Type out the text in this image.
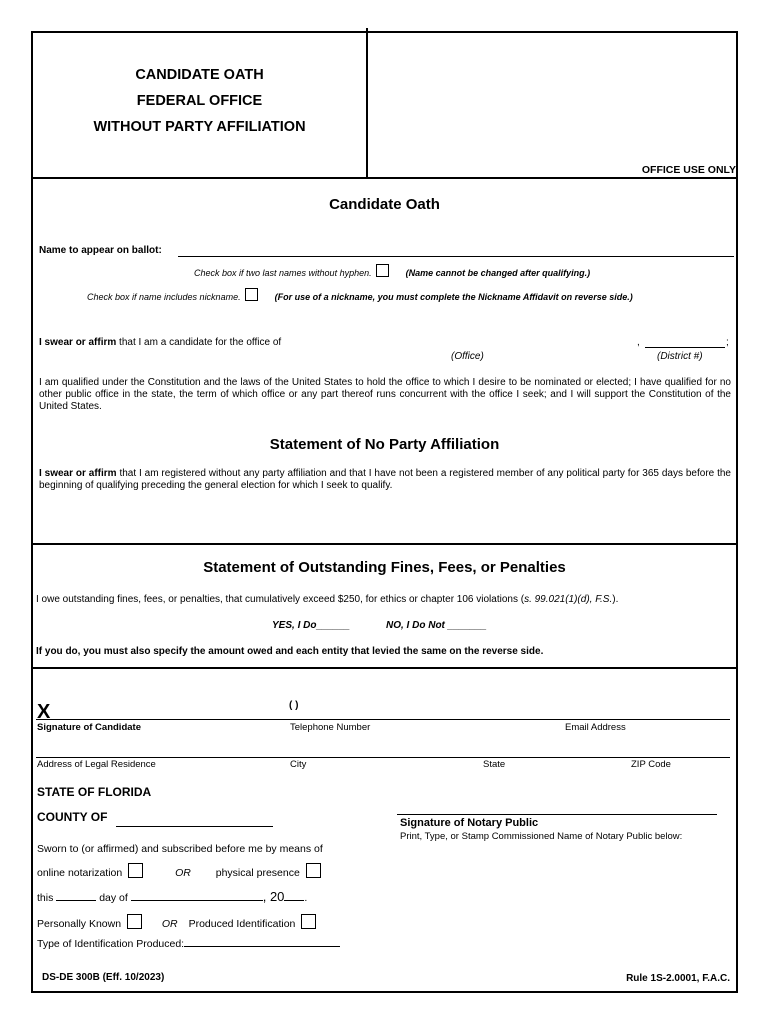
CANDIDATE OATH
FEDERAL OFFICE
WITHOUT PARTY AFFILIATION
OFFICE USE ONLY
Candidate Oath
Name to appear on ballot:
Check box if two last names without hyphen.	(Name cannot be changed after qualifying.)
Check box if name includes nickname.	(For use of a nickname, you must complete the Nickname Affidavit on reverse side.)
I swear or affirm that I am a candidate for the office of	,	;
(Office)	(District #)
I am qualified under the Constitution and the laws of the United States to hold the office to which I desire to be nominated or elected; I have qualified for no other public office in the state, the term of which office or any part thereof runs concurrent with the office I seek; and I will support the Constitution of the United States.
Statement of No Party Affiliation
I swear or affirm that I am registered without any party affiliation and that I have not been a registered member of any political party for 365 days before the beginning of qualifying preceding the general election for which I seek to qualify.
Statement of Outstanding Fines, Fees, or Penalties
I owe outstanding fines, fees, or penalties, that cumulatively exceed $250, for ethics or chapter 106 violations (s. 99.021(1)(d), F.S.).
YES, I Do______	NO, I Do Not _______
If you do, you must also specify the amount owed and each entity that levied the same on the reverse side.
X	( )
Signature of Candidate	Telephone Number	Email Address
Address of Legal Residence	City	State	ZIP Code
STATE OF FLORIDA
COUNTY OF
Sworn to (or affirmed) and subscribed before me by means of
online notarization	OR physical presence
this	day of	, 20 .
Personally Known	OR Produced Identification
Type of Identification Produced:
Signature of Notary Public
Print, Type, or Stamp Commissioned Name of Notary Public below:
DS-DE 300B (Eff. 10/2023)	Rule 1S-2.0001, F.A.C.
